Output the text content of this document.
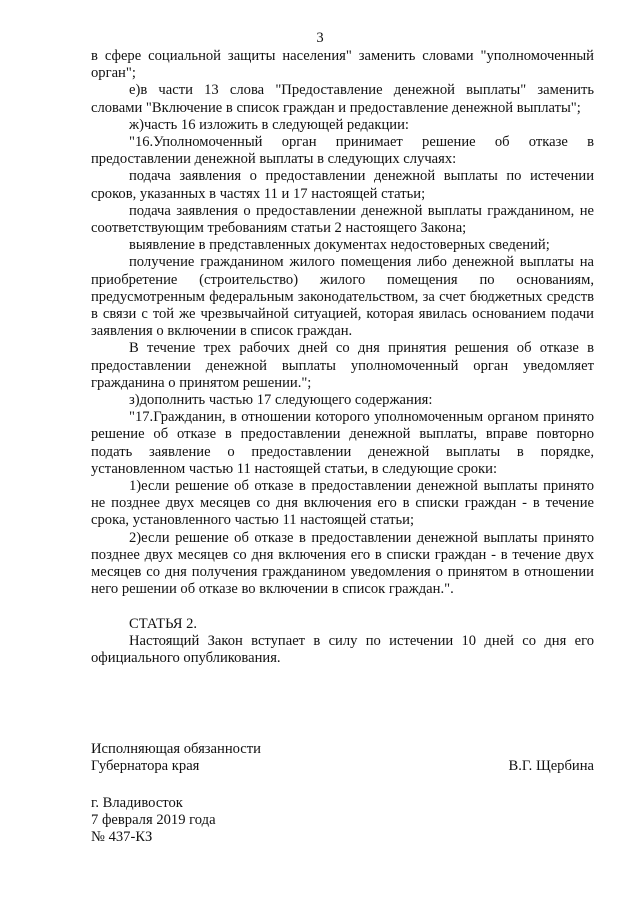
3

в сфере социальной защиты населения" заменить словами "уполномоченный орган";

е)в части 13 слова "Предоставление денежной выплаты" заменить словами "Включение в список граждан и предоставление денежной выплаты";

ж)часть 16 изложить в следующей редакции:

"16.Уполномоченный орган принимает решение об отказе в предоставлении денежной выплаты в следующих случаях:

подача заявления о предоставлении денежной выплаты по истечении сроков, указанных в частях 11 и 17 настоящей статьи;

подача заявления о предоставлении денежной выплаты гражданином, не соответствующим требованиям статьи 2 настоящего Закона;

выявление в представленных документах недостоверных сведений;

получение гражданином жилого помещения либо денежной выплаты на приобретение (строительство) жилого помещения по основаниям, предусмотренным федеральным законодательством, за счет бюджетных средств в связи с той же чрезвычайной ситуацией, которая явилась основанием подачи заявления о включении в список граждан.

В течение трех рабочих дней со дня принятия решения об отказе в предоставлении денежной выплаты уполномоченный орган уведомляет гражданина о принятом решении.";

з)дополнить частью 17 следующего содержания:

"17.Гражданин, в отношении которого уполномоченным органом принято решение об отказе в предоставлении денежной выплаты, вправе повторно подать заявление о предоставлении денежной выплаты в порядке, установленном частью 11 настоящей статьи, в следующие сроки:

1)если решение об отказе в предоставлении денежной выплаты принято не позднее двух месяцев со дня включения его в списки граждан - в течение срока, установленного частью 11 настоящей статьи;

2)если решение об отказе в предоставлении денежной выплаты принято позднее двух месяцев со дня включения его в списки граждан - в течение двух месяцев со дня получения гражданином уведомления о принятом в отношении него решении об отказе во включении в список граждан.".

СТАТЬЯ 2.

Настоящий Закон вступает в силу по истечении 10 дней со дня его официального опубликования.

Исполняющая обязанности
Губернатора края	В.Г. Щербина
г. Владивосток
7 февраля 2019 года
№ 437-КЗ
